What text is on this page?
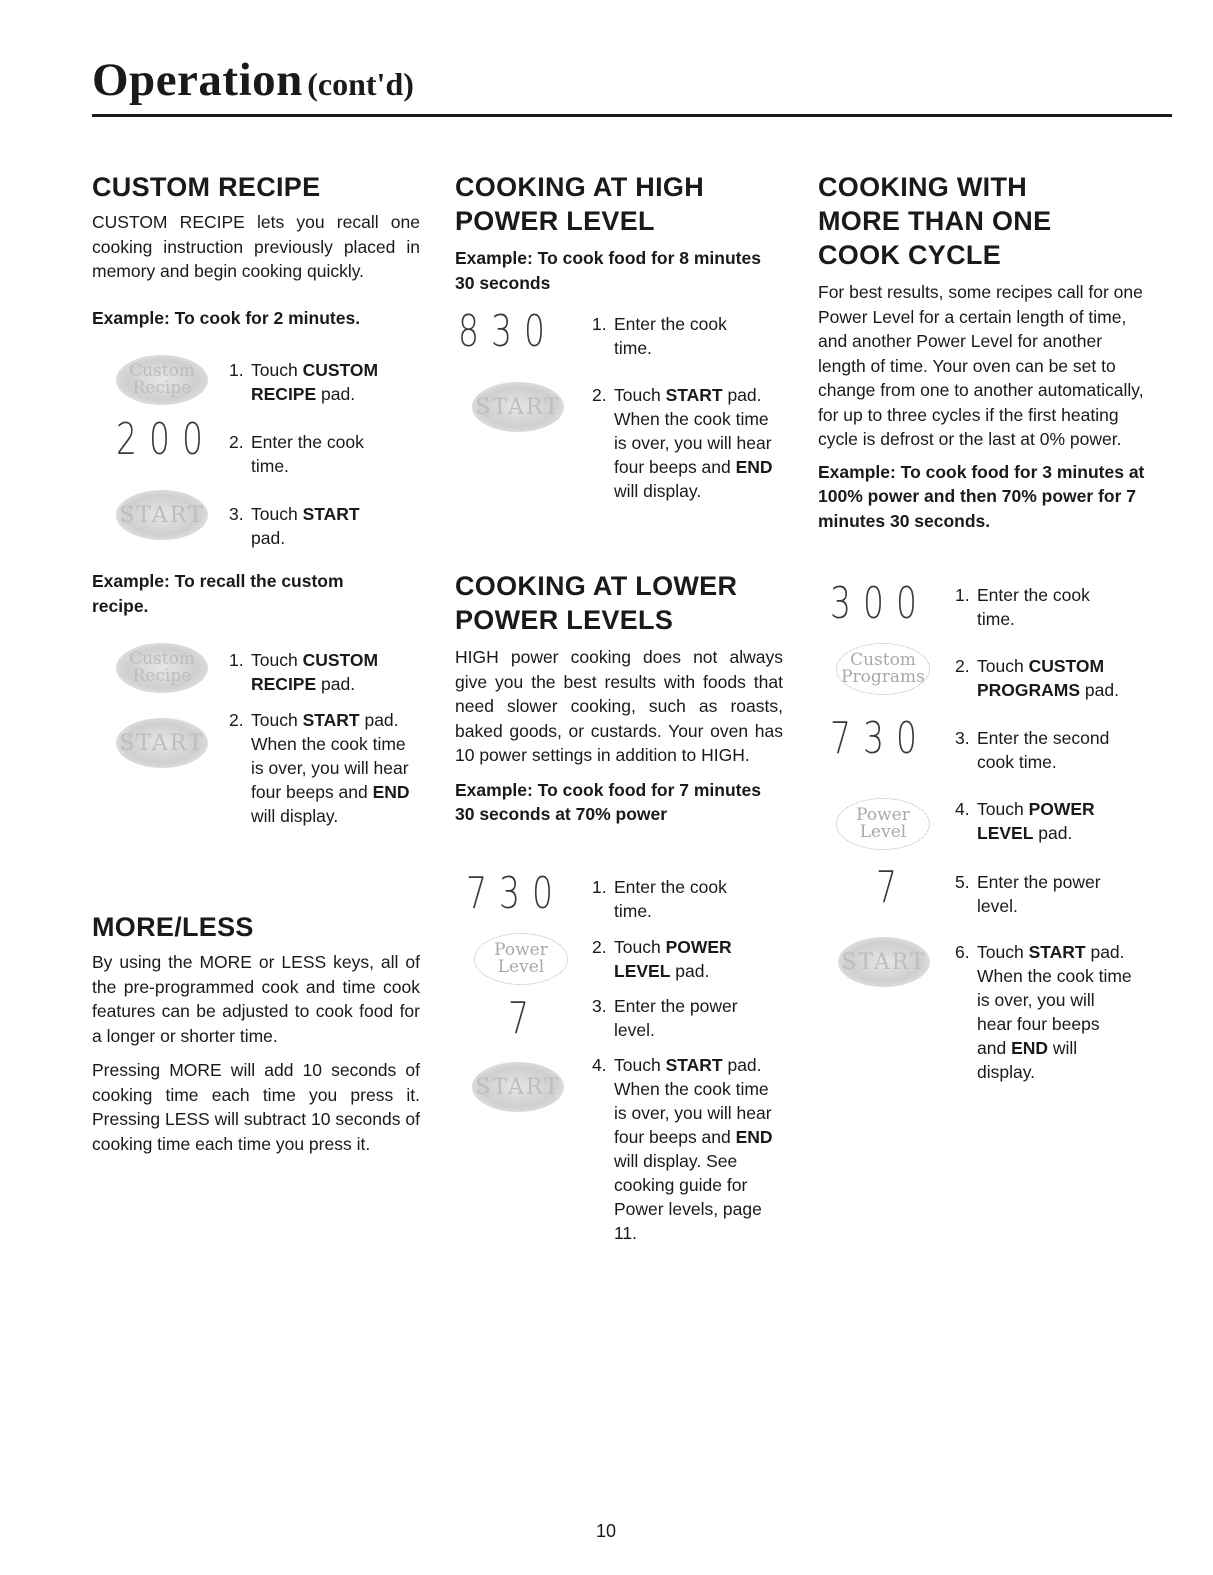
Operation (cont'd)
CUSTOM RECIPE

CUSTOM RECIPE lets you recall one cooking instruction previously placed in memory and begin cooking quickly.

Example: To cook for 2 minutes.

Custom
Recipe
1. Touch CUSTOM RECIPE pad.
200 2. Enter the cook time.
START 3. Touch START pad.

Example: To recall the custom recipe.

Custom
Recipe
1. Touch CUSTOM RECIPE pad.
START
2. Touch START pad. When the cook time is over, you will hear four beeps and END will display.
MORE/LESS

By using the MORE or LESS keys, all of the pre-programmed cook and time cook features can be adjusted to cook food for a longer or shorter time.

Pressing MORE will add 10 seconds of cooking time each time you press it. Pressing LESS will subtract 10 seconds of cooking time each time you press it.

COOKING AT HIGH
POWER LEVEL

Example: To cook food for 8 minutes 30 seconds

830 1. Enter the cook time.
START 2. Touch START pad. When the cook time is over, you will hear four beeps and END will display.
COOKING AT LOWER
POWER LEVELS

HIGH power cooking does not always give you the best results with foods that need slower cooking, such as roasts, baked goods, or custards. Your oven has 10 power settings in addition to HIGH.

Example: To cook food for 7 minutes 30 seconds at 70% power

730 1. Enter the cook time.
Power
Level
2. Touch POWER LEVEL pad.
7	3. Enter the power level.
START
4. Touch START pad. When the cook time is over, you will hear four beeps and END will display. See cooking guide for Power levels, page 11.
COOKING WITH
MORE THAN ONE
COOK CYCLE

For best results, some recipes call for one Power Level for a certain length of time, and another Power Level for another length of time. Your oven can be set to change from one to another automatically, for up to three cycles if the first heating cycle is defrost or the last at 0% power.

Example: To cook food for 3 minutes at 100% power and then 70% power for 7 minutes 30 seconds.

300 1. Enter the cook time.
Custom
Programs
2. Touch CUSTOM PROGRAMS pad.
730 3. Enter the second cook time.
Power
Level
4. Touch POWER LEVEL pad.
7	5. Enter the power level.
START 6. Touch START pad. When the cook time is over, you will hear four beeps and END will display.
10
